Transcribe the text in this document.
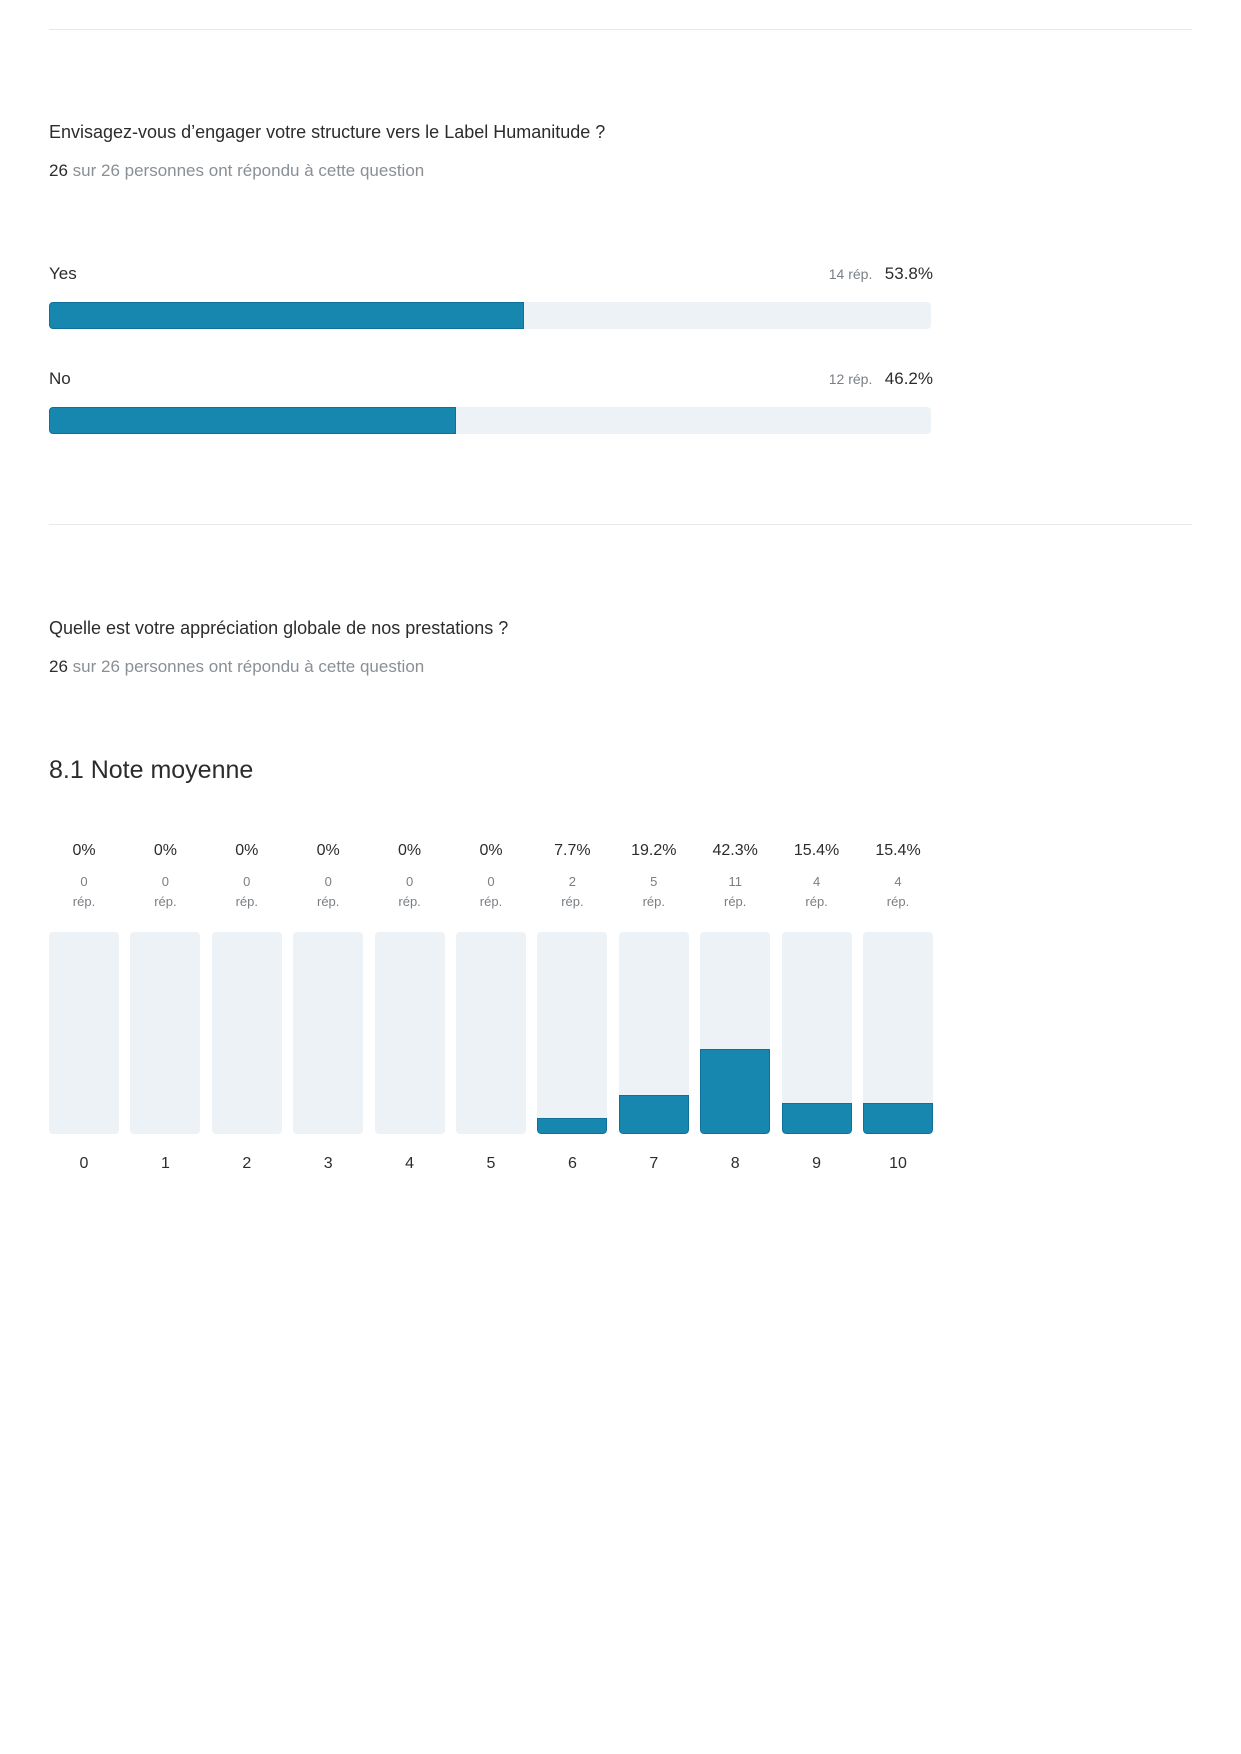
Envisagez-vous d’engager votre structure vers le Label Humanitude ?
26 sur 26 personnes ont répondu à cette question
Yes	14 rép. 53.8%
No	12 rép. 46.2%
Quelle est votre appréciation globale de nos prestations ?
26 sur 26 personnes ont répondu à cette question
8.1 Note moyenne
0%
0
rép.
0
0%
0
rép.
1
0%
0
rép.
2
0%
0
rép.
3
0%
0
rép.
4
0%
0
rép.
5
7.7%
2
rép.
6
19.2%
5
rép.
7
42.3%
11
rép.
8
15.4%
4
rép.
9
15.4%
4
rép.
10
